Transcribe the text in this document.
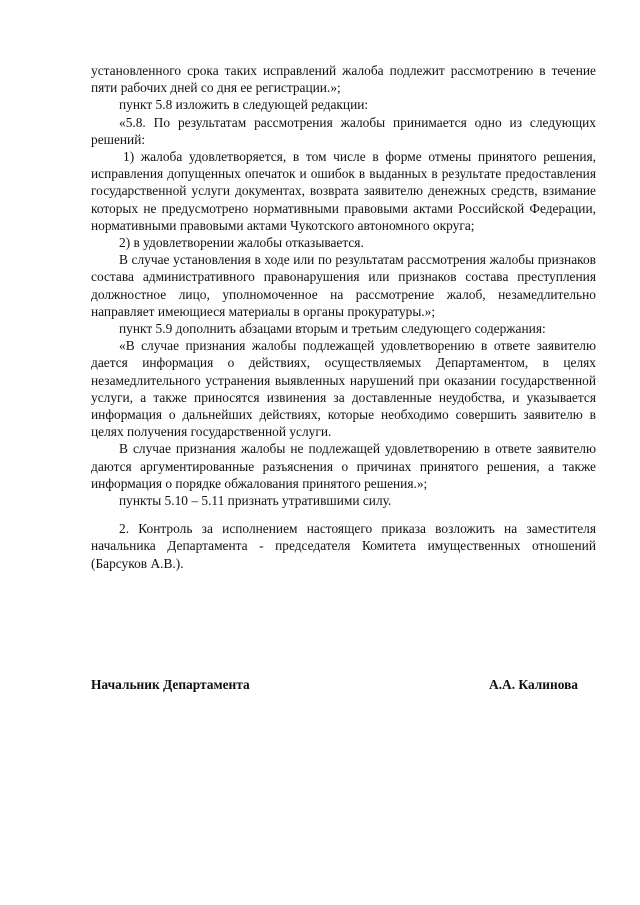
установленного срока таких исправлений жалоба подлежит рассмотрению в течение пяти рабочих дней со дня ее регистрации.»;

пункт 5.8 изложить в следующей редакции:

«5.8. По результатам рассмотрения жалобы принимается одно из следующих решений:

1) жалоба удовлетворяется, в том числе в форме отмены принятого решения, исправления допущенных опечаток и ошибок в выданных в результате предоставления государственной услуги документах, возврата заявителю денежных средств, взимание которых не предусмотрено нормативными правовыми актами Российской Федерации, нормативными правовыми актами Чукотского автономного округа;

2) в удовлетворении жалобы отказывается.

В случае установления в ходе или по результатам рассмотрения жалобы признаков состава административного правонарушения или признаков состава преступления должностное лицо, уполномоченное на рассмотрение жалоб, незамедлительно направляет имеющиеся материалы в органы прокуратуры.»;

пункт 5.9 дополнить абзацами вторым и третьим следующего содержания:

«В случае признания жалобы подлежащей удовлетворению в ответе заявителю дается информация о действиях, осуществляемых Департаментом, в целях незамедлительного устранения выявленных нарушений при оказании государственной услуги, а также приносятся извинения за доставленные неудобства, и указывается информация о дальнейших действиях, которые необходимо совершить заявителю в целях получения государственной услуги.

В случае признания жалобы не подлежащей удовлетворению в ответе заявителю даются аргументированные разъяснения о причинах принятого решения, а также информация о порядке обжалования принятого решения.»;

пункты 5.10 – 5.11 признать утратившими силу.

2. Контроль за исполнением настоящего приказа возложить на заместителя начальника Департамента - председателя Комитета имущественных отношений (Барсуков А.В.).

Начальник Департамента	А.А. Калинова
